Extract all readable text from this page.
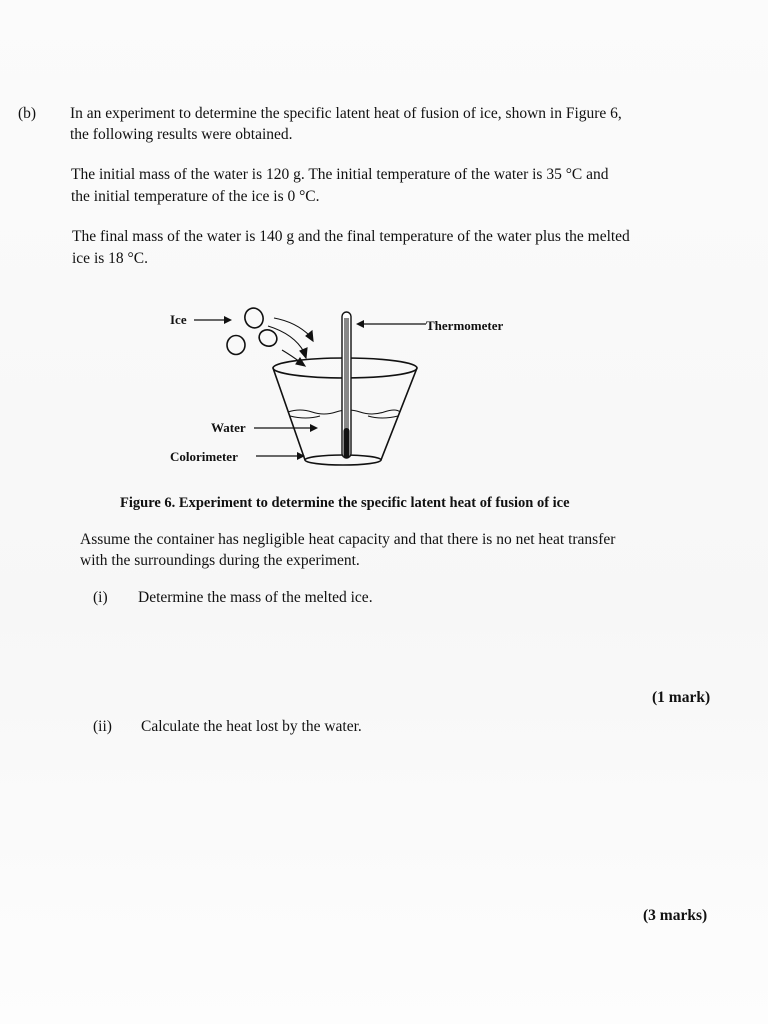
(b) In an experiment to determine the specific latent heat of fusion of ice, shown in Figure 6,
the following results were obtained.
The initial mass of the water is 120 g. The initial temperature of the water is 35 °C and
the initial temperature of the ice is 0 °C.
The final mass of the water is 140 g and the final temperature of the water plus the melted
ice is 18 °C.
Ice	Thermometer
Water
Colorimeter
Figure 6. Experiment to determine the specific latent heat of fusion of ice
Assume the container has negligible heat capacity and that there is no net heat transfer
with the surroundings during the experiment.
(i) Determine the mass of the melted ice.
(1 mark)
(ii) Calculate the heat lost by the water.
(3 marks)
